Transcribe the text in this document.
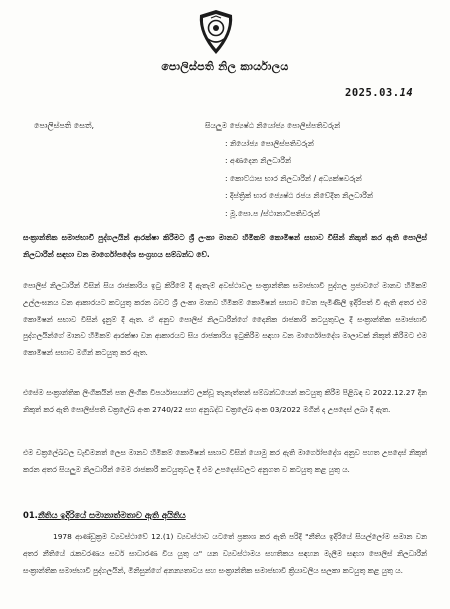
පොලිස්පති නිල කාර්යාලය
2025.03.14
පොලිස්පති සෙත්,	සියලුම ජ්‍යෙෂ්ඨ නියෝජ්‍ය පොලිස්පතිවරුන්
: නියෝජ්‍ය පොලිස්පතිවරුන්
: අණදෙන නිලධාරීන්
: කොට්ඨාස භාර නිලධාරීන් / අධ්‍යක්ෂවරුන්
: දිස්ත්‍රික් භාර ජ්‍යෙෂ්ඨ රජය නිවේදිත නිලධාරීන්
: මූ.පො.ප /ස්ථානාධිපතිවරුන්
සංක්‍රාන්තික සමාජභාවී පුද්ගලයින් ආරක්ෂා කිරීමට ශ්‍රී ලංකා මානව හිමිකම් කොමිෂන් සභාව විසින් නිකුත් කර ඇති පොලිස් නිලධාරීන් සඳහා වන මාර්ගෝපදේශ සංග්‍රහය සම්බන්ධ වේ.
පොලිස් නිලධාරීන් විසින් සිය රාජකාරිය ඉටු කිරීමේ දී ඇතැම් අවස්ථාවල සංක්‍රාන්තික සමාජභාවී පුද්ගල ප්‍රජාවගේ මානව හිමිකම් උල්ලංඝනය වන ආකාරයට කටයුතු කරන බවට ශ්‍රී ලංකා මානව හිමිකම් කොමිෂන් සභාව වෙත පැමිණිලි ඉදිරිපත් වී ඇති අතර එම කොමිෂන් සභාව විසින් දැනුම් දී ඇත. ඒ අනුව පොලිස් නිලධාරීන්ගේ දෛනික රාජකාරි කටයුතුවල දී සංක්‍රාන්තික සමාජභාවී පුද්ගලයින්ගේ මානව හිමිකම් ආරක්ෂා වන ආකාරයට සිය රාජකාරිය ඉටුකිරීම සඳහා වන මාර්ගෝපදේශ මාලාවක් නිකුත් කිරීමට එම කොමිෂන් සභාව මගින් කටයුතු කර ඇත.
එසේම සංක්‍රාන්තික ලිංගිකයින් පත ලිංගික විපර්යාසයන්ට ලක්වූ තැනැත්තන් සම්බන්ධයෙන් කටයුතු කිරීම පිළිබඳ ව 2022.12.27 දින නිකුත් කර ඇති පොලිස්පති චක්‍රලේඛ අංක 2740/22 සහ අනුබද්ධ චක්‍රලේඛ අංක 03/2022 මගින් ද උපදෙස් ලබා දී ඇත.
එම චක්‍රලේඛවල වැඩිමනත් ලෙස මානව හිමිකම් කොමිෂන් සභාව විසින් යොමු කර ඇති මාර්ගෝපදේශ අනුව පහත උපදෙස් නිකුත් කරන අතර සියලුම නිලධාරීන් මෙම රාජකාරී කටයුතුවල දී එම උපදෙස්වලට අනුගත ව කටයුතු කළ යුතු ය.
01.නීතිය ඉදිරියේ සමානාත්මතාව ඇති අයිතිය
1978 ආණ්ඩුක්‍රම ව්‍යවස්ථාවේ 12.(1) ව්‍යවස්ථාව යටතේ ප්‍රකාශ කර ඇති පරිදි "නීතිය ඉදිරියේ සියල්ලෝම සමාන වන අතර නීතියේ රැකවරණය සර්ව සාධාරණ විය යුතු ය" යන ව්‍යවස්ථාමය සහතිකය සඳහන මැලීම සඳහා පොලිස් නිලධාරීන් සංක්‍රාන්තික සමාජභාවී පුද්ගලයින්, මිනිසුන්ගේ අනන්‍යතාවය සහ සංක්‍රාන්තික සමාජභාවී ක්‍රියාවලිය සලකා කටයුතු කළ යුතු ය.
